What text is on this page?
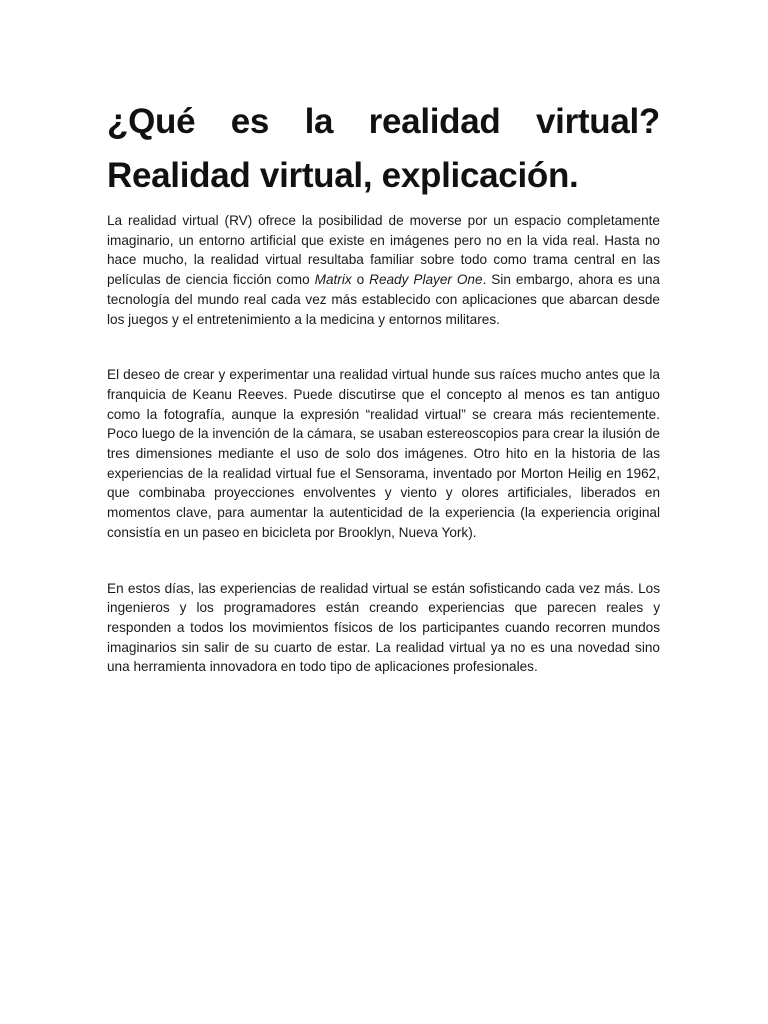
¿Qué es la realidad virtual? Realidad virtual, explicación.

La realidad virtual (RV) ofrece la posibilidad de moverse por un espacio completamente imaginario, un entorno artificial que existe en imágenes pero no en la vida real. Hasta no hace mucho, la realidad virtual resultaba familiar sobre todo como trama central en las películas de ciencia ficción como Matrix o Ready Player One. Sin embargo, ahora es una tecnología del mundo real cada vez más establecido con aplicaciones que abarcan desde los juegos y el entretenimiento a la medicina y entornos militares.

El deseo de crear y experimentar una realidad virtual hunde sus raíces mucho antes que la franquicia de Keanu Reeves. Puede discutirse que el concepto al menos es tan antiguo como la fotografía, aunque la expresión “realidad virtual” se creara más recientemente. Poco luego de la invención de la cámara, se usaban estereoscopios para crear la ilusión de tres dimensiones mediante el uso de solo dos imágenes. Otro hito en la historia de las experiencias de la realidad virtual fue el Sensorama, inventado por Morton Heilig en 1962, que combinaba proyecciones envolventes y viento y olores artificiales, liberados en momentos clave, para aumentar la autenticidad de la experiencia (la experiencia original consistía en un paseo en bicicleta por Brooklyn, Nueva York).

En estos días, las experiencias de realidad virtual se están sofisticando cada vez más. Los ingenieros y los programadores están creando experiencias que parecen reales y responden a todos los movimientos físicos de los participantes cuando recorren mundos imaginarios sin salir de su cuarto de estar. La realidad virtual ya no es una novedad sino una herramienta innovadora en todo tipo de aplicaciones profesionales.
